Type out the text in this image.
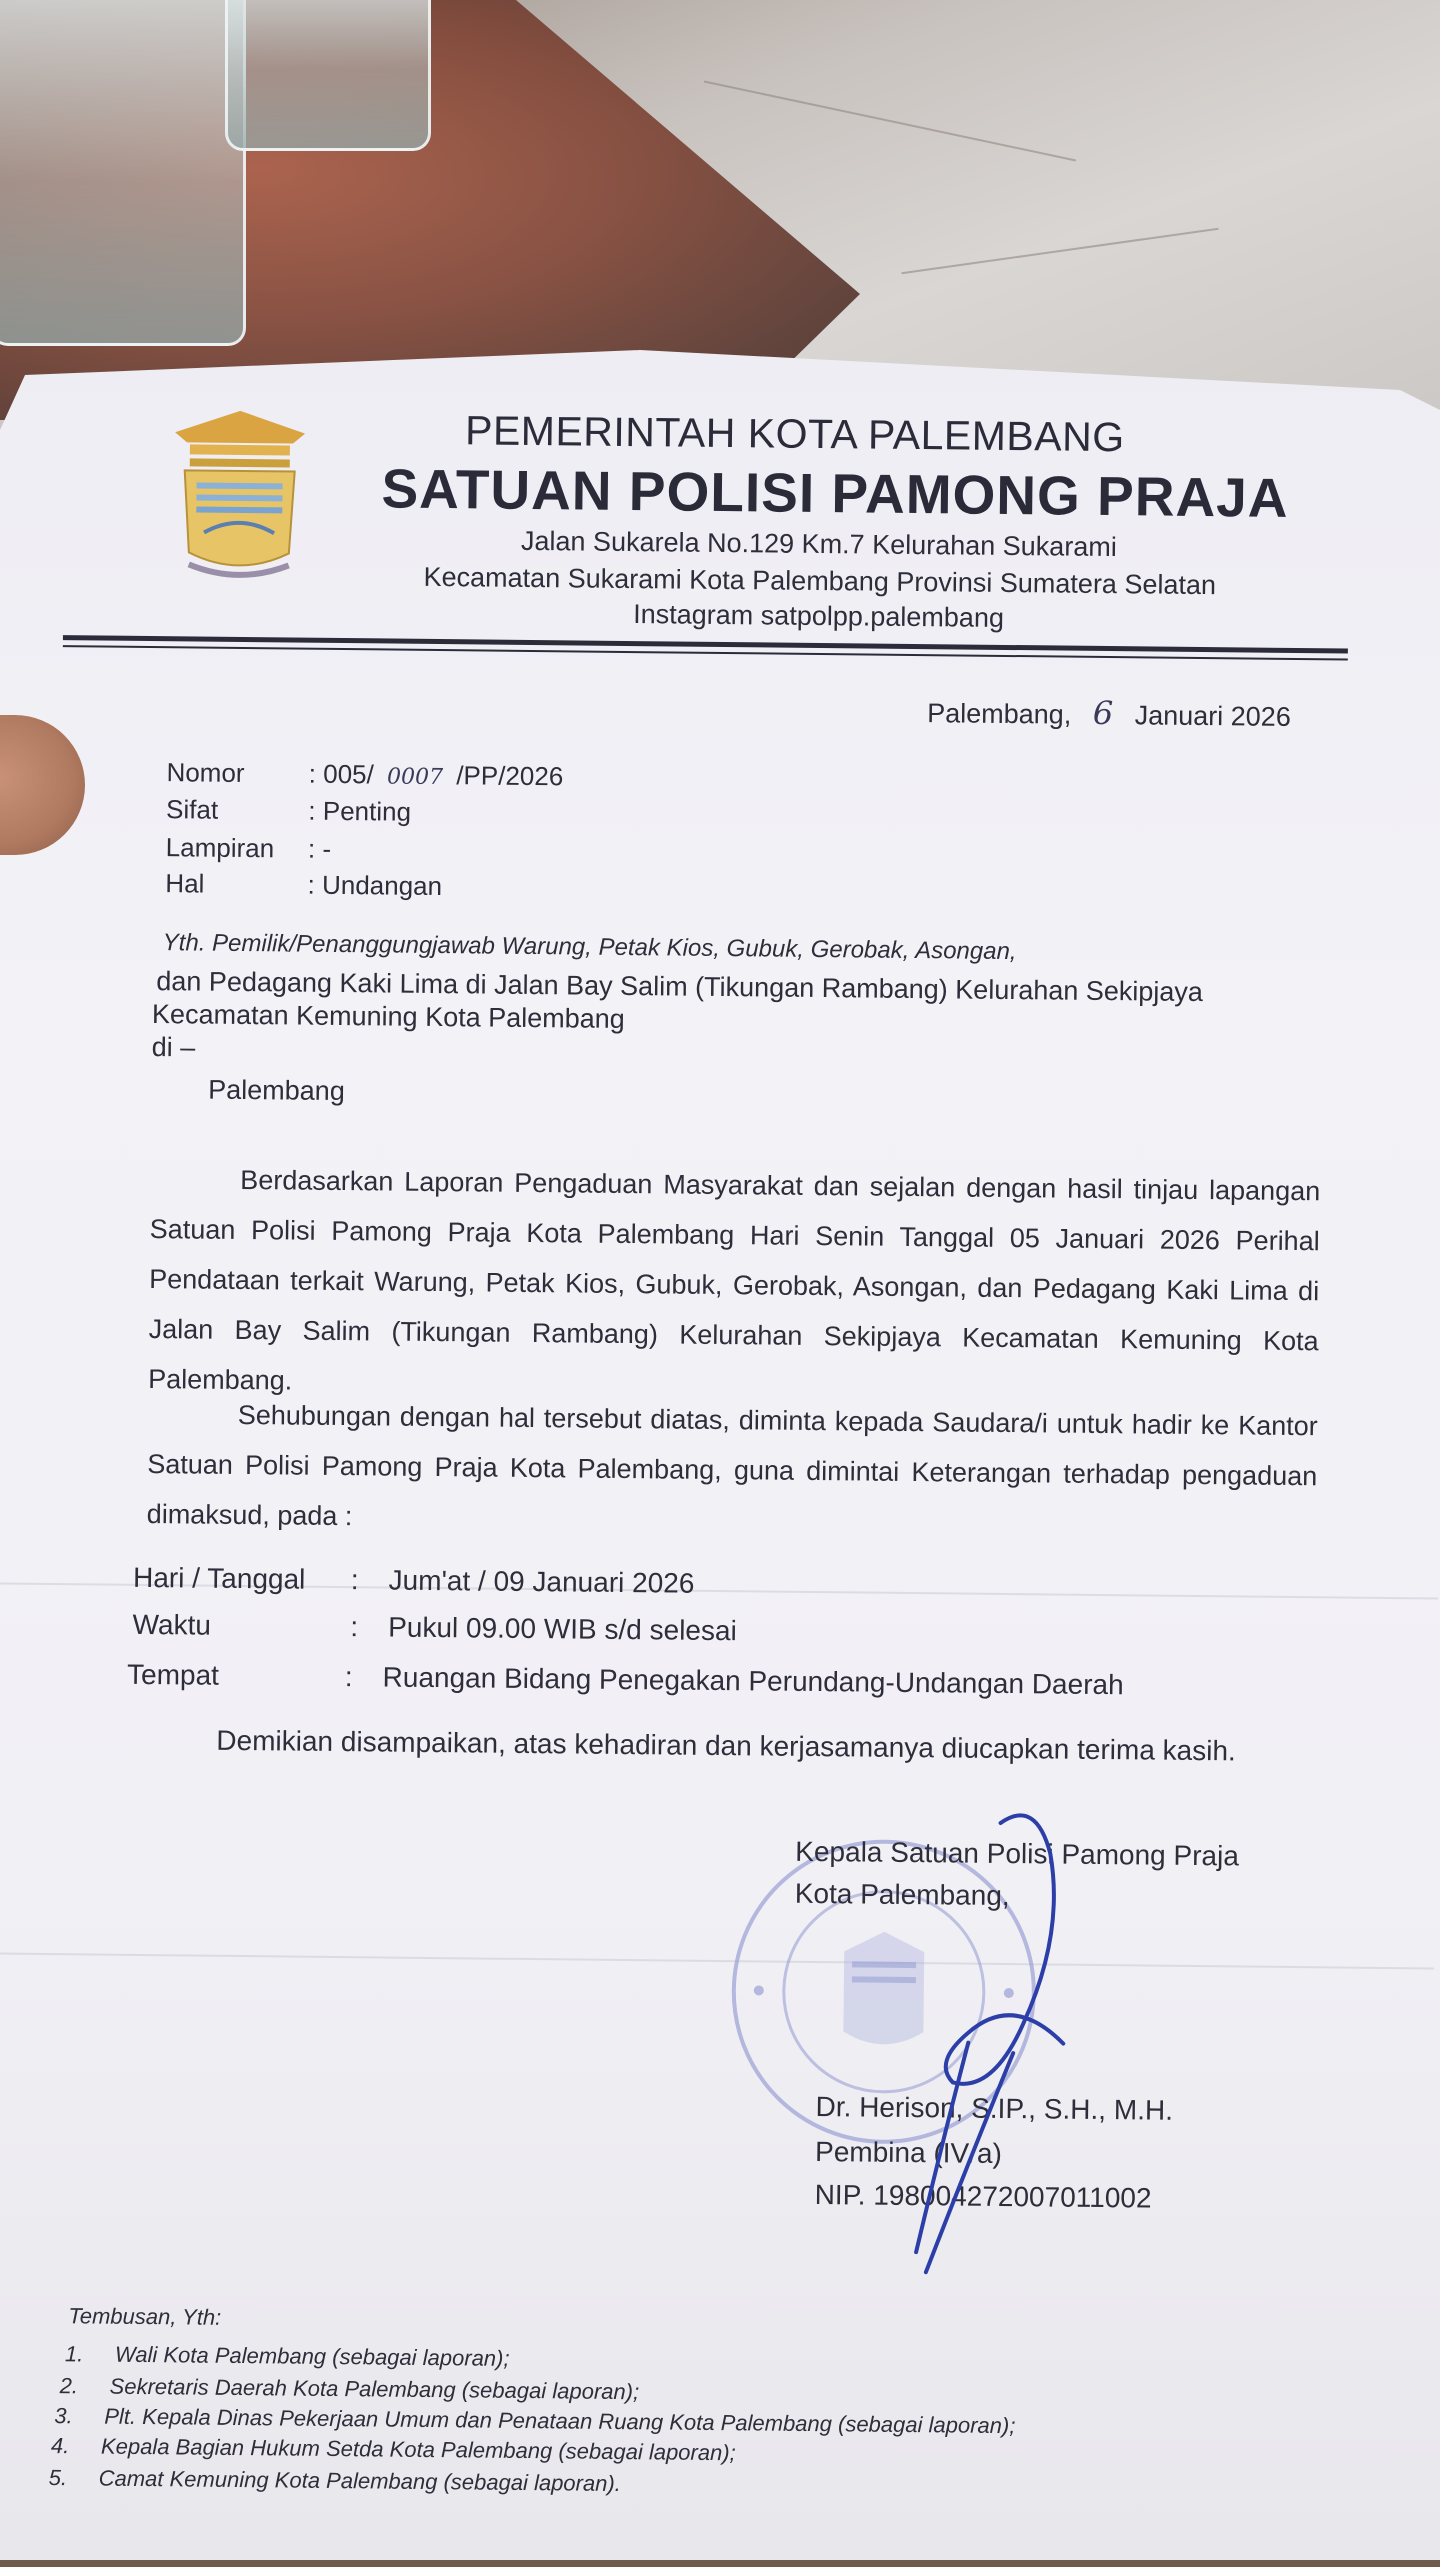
PEMERINTAH KOTA PALEMBANG
SATUAN POLISI PAMONG PRAJA
Jalan Sukarela No.129 Km.7 Kelurahan Sukarami
Kecamatan Sukarami Kota Palembang Provinsi Sumatera Selatan
Instagram satpolpp.palembang
Palembang, 6 Januari 2026
Nomor : 005/ 0007 /PP/2026
Sifat	: Penting
Lampiran : -
Hal	: Undangan
Yth. Pemilik/Penanggungjawab Warung, Petak Kios, Gubuk, Gerobak, Asongan,
dan Pedagang Kaki Lima di Jalan Bay Salim (Tikungan Rambang) Kelurahan Sekipjaya
Kecamatan Kemuning Kota Palembang
di –
Palembang

Berdasarkan Laporan Pengaduan Masyarakat dan sejalan dengan hasil tinjau lapangan Satuan Polisi Pamong Praja Kota Palembang Hari Senin Tanggal 05 Januari 2026 Perihal Pendataan terkait Warung, Petak Kios, Gubuk, Gerobak, Asongan, dan Pedagang Kaki Lima di Jalan Bay Salim (Tikungan Rambang) Kelurahan Sekipjaya Kecamatan Kemuning Kota Palembang.

Sehubungan dengan hal tersebut diatas, diminta kepada Saudara/i untuk hadir ke Kantor Satuan Polisi Pamong Praja Kota Palembang, guna dimintai Keterangan terhadap pengaduan dimaksud, pada :

Hari / Tanggal : Jum'at / 09 Januari 2026
Waktu	: Pukul 09.00 WIB s/d selesai
Tempat	: Ruangan Bidang Penegakan Perundang-Undangan Daerah
Demikian disampaikan, atas kehadiran dan kerjasamanya diucapkan terima kasih.
Kepala Satuan Polisi Pamong Praja
Kota Palembang,
Dr. Herison, S.IP., S.H., M.H.
Pembina (IV/a)
NIP. 198004272007011002
Tembusan, Yth:
1. Wali Kota Palembang (sebagai laporan);
2. Sekretaris Daerah Kota Palembang (sebagai laporan);
3. Plt. Kepala Dinas Pekerjaan Umum dan Penataan Ruang Kota Palembang (sebagai laporan);
4. Kepala Bagian Hukum Setda Kota Palembang (sebagai laporan);
5. Camat Kemuning Kota Palembang (sebagai laporan).
